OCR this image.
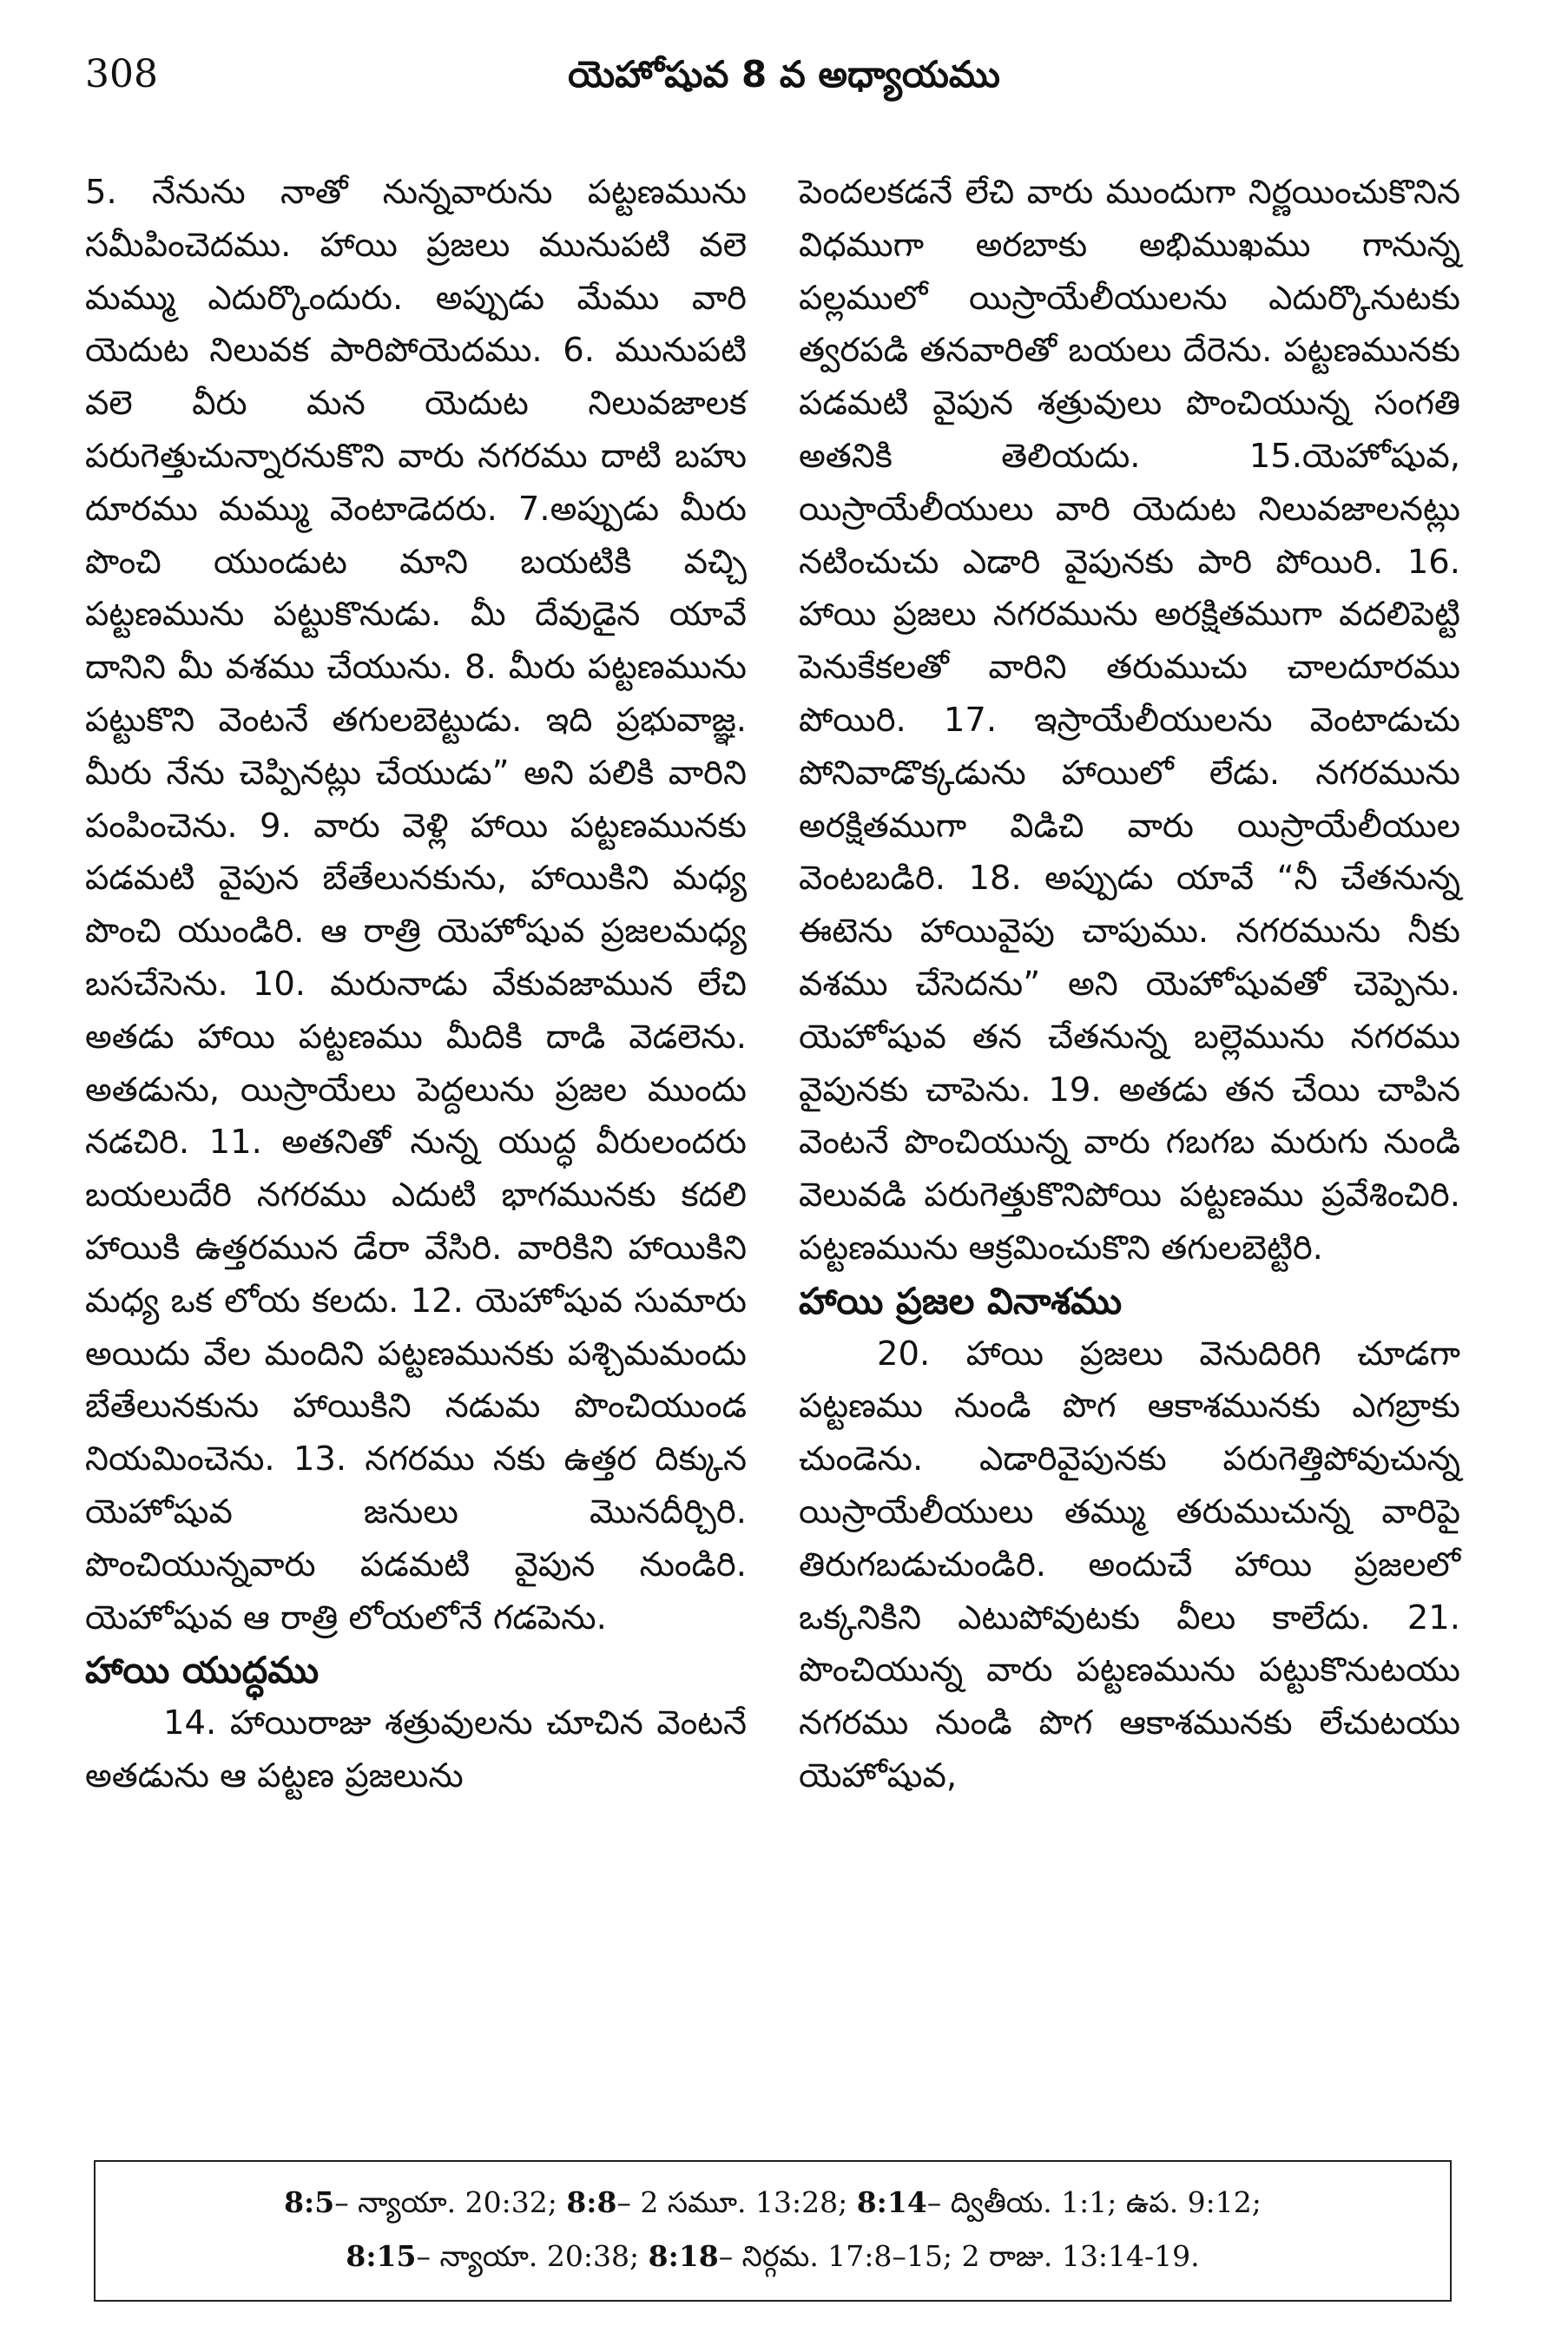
308	యెహోషువ 8 వ అధ్యాయము

5. నేనును నాతో నున్నవారును పట్టణమును సమీపించెదము. హాయి ప్రజలు మునుపటి వలె మమ్ము ఎదుర్కొందురు. అప్పుడు మేము వారి యెదుట నిలువక పారిపోయెదము. 6. మునుపటి వలె వీరు మన యెదుట నిలువజాలక పరుగెత్తుచున్నారనుకొని వారు నగరము దాటి బహు దూరము మమ్ము వెంటాడెదరు. 7.అప్పుడు మీరు పొంచి యుండుట మాని బయటికి వచ్చి పట్టణమును పట్టుకొనుడు. మీ దేవుడైన యావే దానిని మీ వశము చేయును. 8. మీరు పట్టణమును పట్టుకొని వెంటనే తగులబెట్టుడు. ఇది ప్రభువాజ్ఞ. మీరు నేను చెప్పినట్లు చేయుడు” అని పలికి వారిని పంపించెను. 9. వారు వెళ్లి హాయి పట్టణమునకు పడమటి వైపున బేతేలునకును, హాయికిని మధ్య పొంచి యుండిరి. ఆ రాత్రి యెహోషువ ప్రజలమధ్య బసచేసెను. 10. మరునాడు వేకువజామున లేచి అతడు హాయి పట్టణము మీదికి దాడి వెడలెను. అతడును, యిస్రాయేలు పెద్దలును ప్రజల ముందు నడచిరి. 11. అతనితో నున్న యుద్ధ వీరులందరు బయలుదేరి నగరము ఎదుటి భాగమునకు కదలి హాయికి ఉత్తరమున డేరా వేసిరి. వారికిని హాయికిని మధ్య ఒక లోయ కలదు. 12. యెహోషువ సుమారు అయిదు వేల మందిని పట్టణమునకు పశ్చిమమందు బేతేలునకును హాయికిని నడుమ పొంచియుండ నియమించెను. 13. నగరము నకు ఉత్తర దిక్కున యెహోషువ జనులు మొనదీర్చిరి. పొంచియున్నవారు పడమటి వైపున నుండిరి. యెహోషువ ఆ రాత్రి లోయలోనే గడపెను.

హాయి యుద్ధము

14. హాయిరాజు శత్రువులను చూచిన వెంటనే అతడును ఆ పట్టణ ప్రజలును

పెందలకడనే లేచి వారు ముందుగా నిర్ణయించుకొనిన విధముగా అరబాకు అభిముఖము గానున్న పల్లములో యిస్రాయేలీయులను ఎదుర్కొనుటకు త్వరపడి తనవారితో బయలు దేరెను. పట్టణమునకు పడమటి వైపున శత్రువులు పొంచియున్న సంగతి అతనికి తెలియదు. 15.యెహోషువ, యిస్రాయేలీయులు వారి యెదుట నిలువజాలనట్లు నటించుచు ఎడారి వైపునకు పారి పోయిరి. 16. హాయి ప్రజలు నగరమును అరక్షితముగా వదలిపెట్టి పెనుకేకలతో వారిని తరుముచు చాలదూరము పోయిరి. 17. ఇస్రాయేలీయులను వెంటాడుచు పోనివాడొక్కడును హాయిలో లేడు. నగరమును అరక్షితముగా విడిచి వారు యిస్రాయేలీయుల వెంటబడిరి. 18. అప్పుడు యావే “నీ చేతనున్న ఈటెను హాయివైపు చాపుము. నగరమును నీకు వశము చేసెదను” అని యెహోషువతో చెప్పెను. యెహోషువ తన చేతనున్న బల్లెమును నగరము వైపునకు చాపెను. 19. అతడు తన చేయి చాపిన వెంటనే పొంచియున్న వారు గబగబ మరుగు నుండి వెలువడి పరుగెత్తుకొనిపోయి పట్టణము ప్రవేశించిరి. పట్టణమును ఆక్రమించుకొని తగులబెట్టిరి.

హాయి ప్రజల వినాశము

20. హాయి ప్రజలు వెనుదిరిగి చూడగా పట్టణము నుండి పొగ ఆకాశమునకు ఎగబ్రాకు చుండెను. ఎడారివైపునకు పరుగెత్తిపోవుచున్న యిస్రాయేలీయులు తమ్ము తరుముచున్న వారిపై తిరుగబడుచుండిరి. అందుచే హాయి ప్రజలలో ఒక్కనికిని ఎటుపోవుటకు వీలు కాలేదు. 21. పొంచియున్న వారు పట్టణమును పట్టుకొనుటయు నగరము నుండి పొగ ఆకాశమునకు లేచుటయు యెహోషువ,

8:5– న్యాయా. 20:32; 8:8– 2 సమూ. 13:28; 8:14– ద్వితీయ. 1:1; ఉప. 9:12;
8:15– న్యాయా. 20:38; 8:18– నిర్గమ. 17:8–15; 2 రాజు. 13:14-19.
